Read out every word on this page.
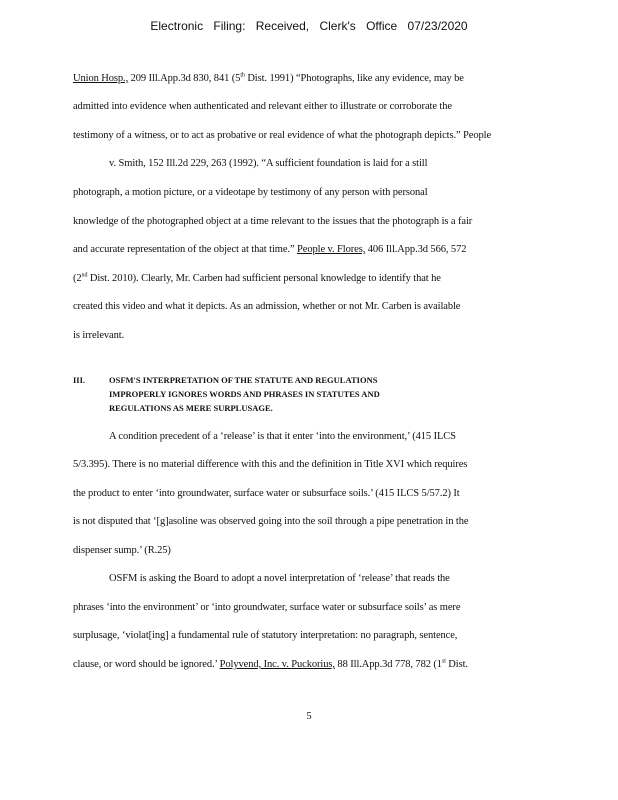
Electronic Filing: Received, Clerk's Office 07/23/2020
Union Hosp., 209 Ill.App.3d 830, 841 (5th Dist. 1991) “Photographs, like any evidence, may be
admitted into evidence when authenticated and relevant either to illustrate or corroborate the
testimony of a witness, or to act as probative or real evidence of what the photograph depicts.” People
v. Smith, 152 Ill.2d 229, 263 (1992). “A sufficient foundation is laid for a still
photograph, a motion picture, or a videotape by testimony of any person with personal
knowledge of the photographed object at a time relevant to the issues that the photograph is a fair
and accurate representation of the object at that time.” People v. Flores, 406 Ill.App.3d 566, 572
(2nd Dist. 2010). Clearly, Mr. Carben had sufficient personal knowledge to identify that he
created this video and what it depicts. As an admission, whether or not Mr. Carben is available
is irrelevant.
III.	OSFM'S INTERPRETATION OF THE STATUTE AND REGULATIONS
IMPROPERLY IGNORES WORDS AND PHRASES IN STATUTES AND
REGULATIONS AS MERE SURPLUSAGE.
A condition precedent of a ‘release’ is that it enter ‘into the environment,’ (415 ILCS
5/3.395). There is no material difference with this and the definition in Title XVI which requires
the product to enter ‘into groundwater, surface water or subsurface soils.’ (415 ILCS 5/57.2) It
is not disputed that ‘[g]asoline was observed going into the soil through a pipe penetration in the
dispenser sump.’ (R.25)
OSFM is asking the Board to adopt a novel interpretation of ‘release’ that reads the
phrases ‘into the environment’ or ‘into groundwater, surface water or subsurface soils’ as mere
surplusage, ‘violat[ing] a fundamental rule of statutory interpretation: no paragraph, sentence,
clause, or word should be ignored.’ Polyvend, Inc. v. Puckorius, 88 Ill.App.3d 778, 782 (1st Dist.
5
